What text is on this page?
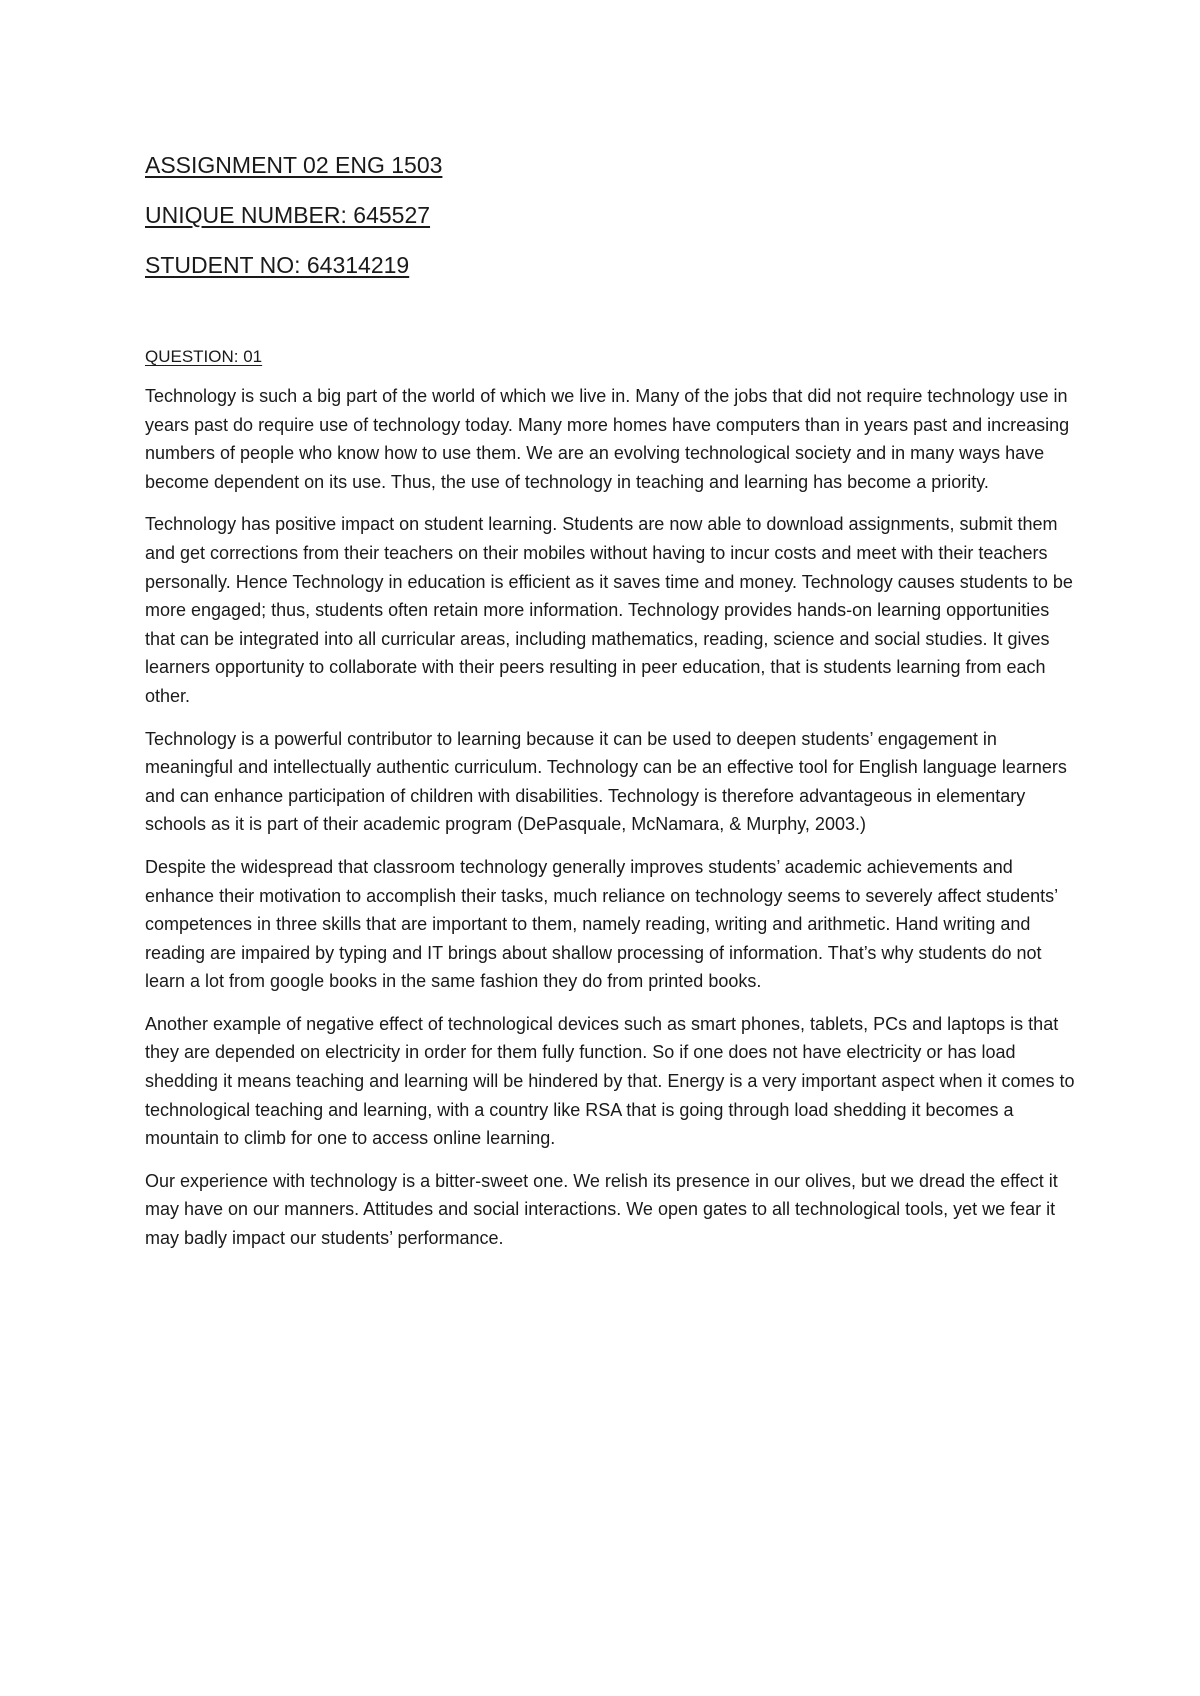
ASSIGNMENT 02 ENG 1503
UNIQUE NUMBER: 645527
STUDENT NO: 64314219
QUESTION: 01

Technology is such a big part of the world of which we live in. Many of the jobs that did not require technology use in years past do require use of technology today. Many more homes have computers than in years past and increasing numbers of people who know how to use them. We are an evolving technological society and in many ways have become dependent on its use. Thus, the use of technology in teaching and learning has become a priority.

Technology has positive impact on student learning. Students are now able to download assignments, submit them and get corrections from their teachers on their mobiles without having to incur costs and meet with their teachers personally. Hence Technology in education is efficient as it saves time and money. Technology causes students to be more engaged; thus, students often retain more information. Technology provides hands-on learning opportunities that can be integrated into all curricular areas, including mathematics, reading, science and social studies. It gives learners opportunity to collaborate with their peers resulting in peer education, that is students learning from each other.

Technology is a powerful contributor to learning because it can be used to deepen students’ engagement in meaningful and intellectually authentic curriculum. Technology can be an effective tool for English language learners and can enhance participation of children with disabilities. Technology is therefore advantageous in elementary schools as it is part of their academic program (DePasquale, McNamara, & Murphy, 2003.)

Despite the widespread that classroom technology generally improves students’ academic achievements and enhance their motivation to accomplish their tasks, much reliance on technology seems to severely affect students’ competences in three skills that are important to them, namely reading, writing and arithmetic. Hand writing and reading are impaired by typing and IT brings about shallow processing of information. That’s why students do not learn a lot from google books in the same fashion they do from printed books.

Another example of negative effect of technological devices such as smart phones, tablets, PCs and laptops is that they are depended on electricity in order for them fully function. So if one does not have electricity or has load shedding it means teaching and learning will be hindered by that. Energy is a very important aspect when it comes to technological teaching and learning, with a country like RSA that is going through load shedding it becomes a mountain to climb for one to access online learning.

Our experience with technology is a bitter-sweet one. We relish its presence in our olives, but we dread the effect it may have on our manners. Attitudes and social interactions. We open gates to all technological tools, yet we fear it may badly impact our students’ performance.
